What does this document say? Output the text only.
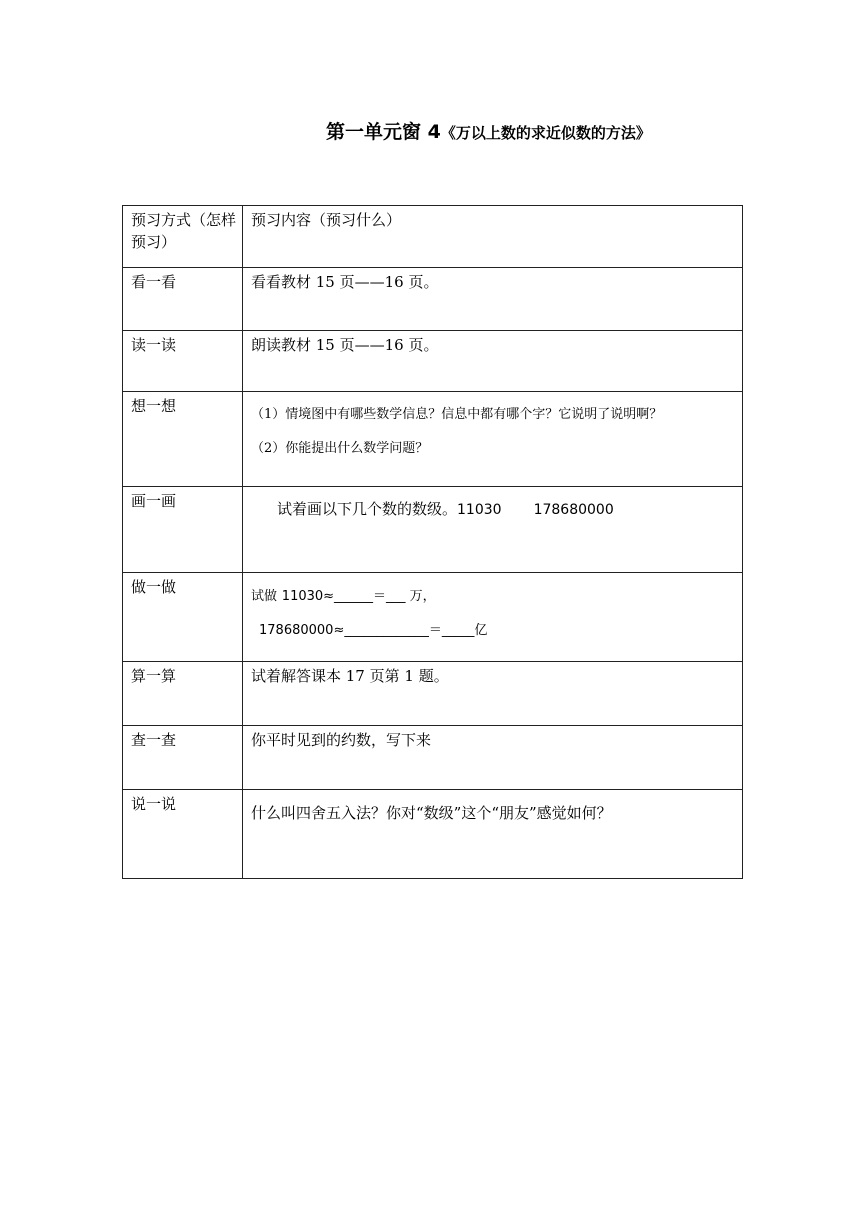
第一单元窗 4《万以上数的求近似数的方法》
预习方式（怎样预习）	预习内容（预习什么）

看一看	看看教材 15 页——16 页。

读一读	朗读教材 15 页——16 页。

想一想	（1）情境图中有哪些数学信息？信息中都有哪个字？它说明了说明啊？
（2）你能提出什么数学问题？

画一画	试着画以下几个数的数级。11030 178680000

做一做	试做 11030≈______＝___ 万，
178680000≈_____________＝_____亿

算一算	试着解答课本 17 页第 1 题。

查一查	你平时见到的约数，写下来

说一说	什么叫四舍五入法？你对“数级”这个“朋友”感觉如何？
